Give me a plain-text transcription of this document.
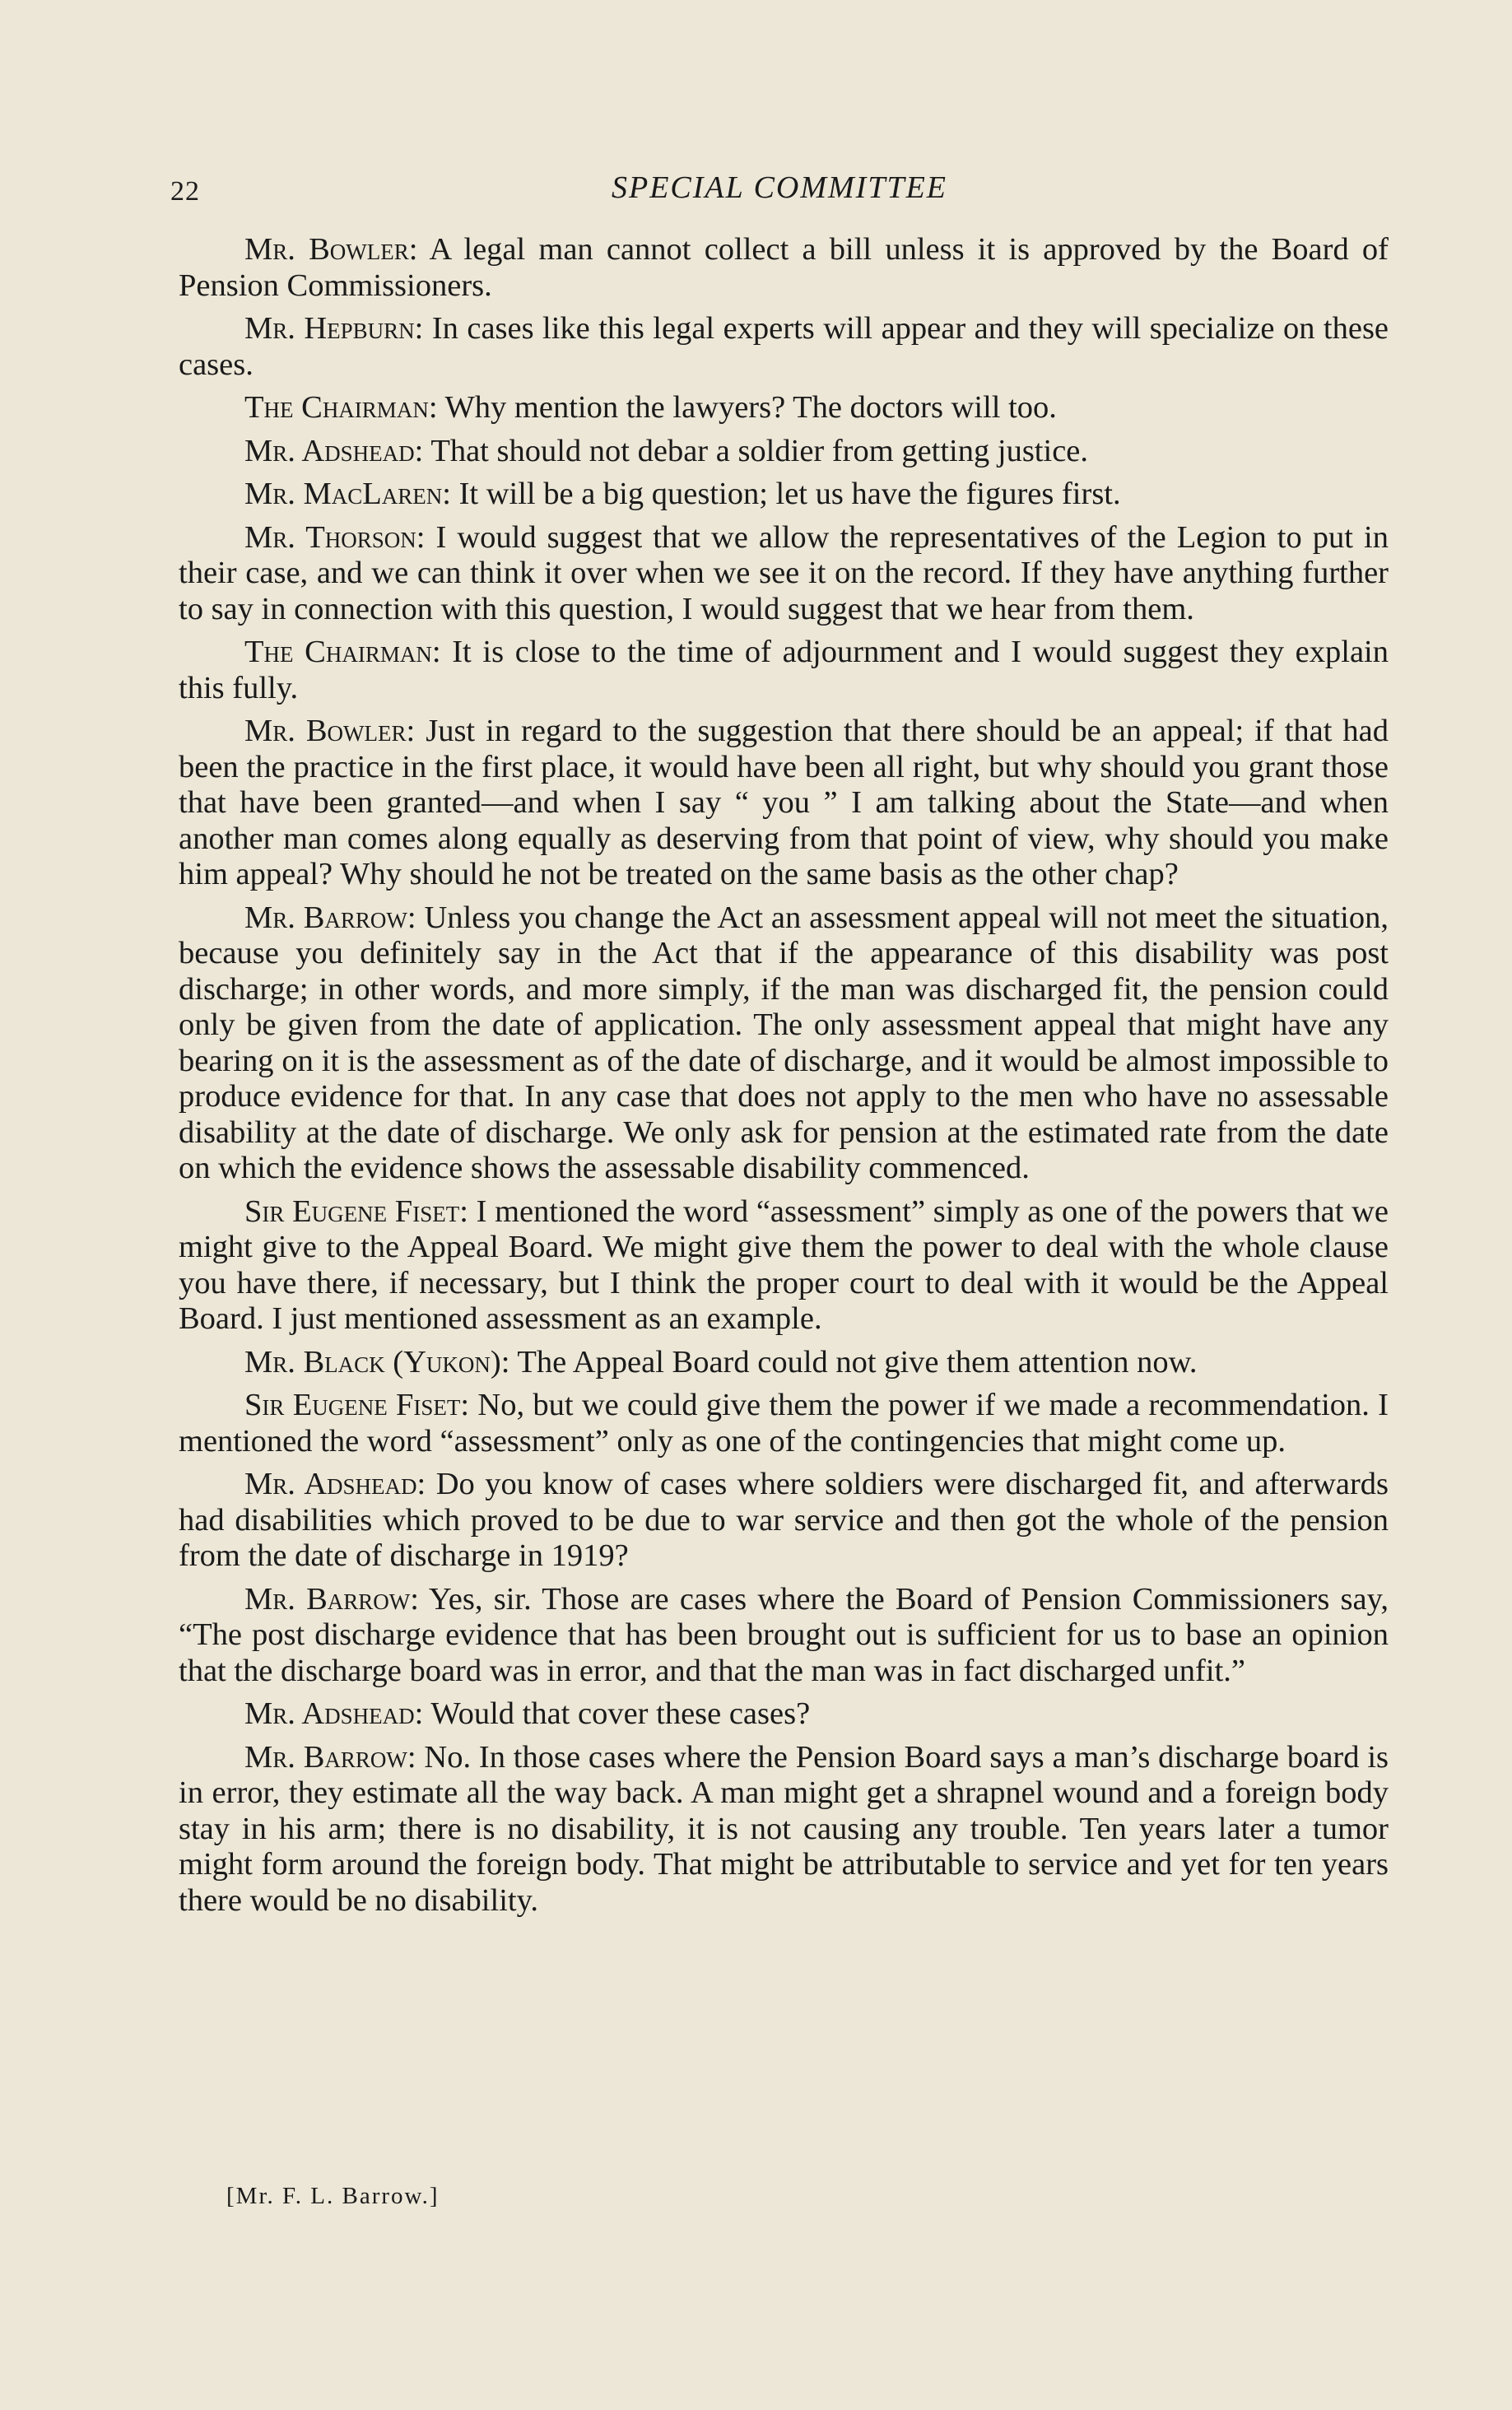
22	SPECIAL COMMITTEE

Mr. Bowler: A legal man cannot collect a bill unless it is approved by the Board of Pension Commissioners.

Mr. Hepburn: In cases like this legal experts will appear and they will specialize on these cases.

The Chairman: Why mention the lawyers? The doctors will too.

Mr. Adshead: That should not debar a soldier from getting justice.

Mr. MacLaren: It will be a big question; let us have the figures first.

Mr. Thorson: I would suggest that we allow the representatives of the Legion to put in their case, and we can think it over when we see it on the record. If they have anything further to say in connection with this question, I would suggest that we hear from them.

The Chairman: It is close to the time of adjournment and I would suggest they explain this fully.

Mr. Bowler: Just in regard to the suggestion that there should be an appeal; if that had been the practice in the first place, it would have been all right, but why should you grant those that have been granted—and when I say “ you ” I am talking about the State—and when another man comes along equally as deserving from that point of view, why should you make him appeal? Why should he not be treated on the same basis as the other chap?

Mr. Barrow: Unless you change the Act an assessment appeal will not meet the situation, because you definitely say in the Act that if the appearance of this disability was post discharge; in other words, and more simply, if the man was discharged fit, the pension could only be given from the date of application. The only assessment appeal that might have any bearing on it is the assessment as of the date of discharge, and it would be almost impossible to produce evidence for that. In any case that does not apply to the men who have no assessable disability at the date of discharge. We only ask for pension at the estimated rate from the date on which the evidence shows the assessable disability commenced.

Sir Eugene Fiset: I mentioned the word “assessment” simply as one of the powers that we might give to the Appeal Board. We might give them the power to deal with the whole clause you have there, if necessary, but I think the proper court to deal with it would be the Appeal Board. I just mentioned assessment as an example.

Mr. Black (Yukon): The Appeal Board could not give them attention now.

Sir Eugene Fiset: No, but we could give them the power if we made a recommendation. I mentioned the word “assessment” only as one of the contingencies that might come up.

Mr. Adshead: Do you know of cases where soldiers were discharged fit, and afterwards had disabilities which proved to be due to war service and then got the whole of the pension from the date of discharge in 1919?

Mr. Barrow: Yes, sir. Those are cases where the Board of Pension Commissioners say, “The post discharge evidence that has been brought out is sufficient for us to base an opinion that the discharge board was in error, and that the man was in fact discharged unfit.”

Mr. Adshead: Would that cover these cases?

Mr. Barrow: No. In those cases where the Pension Board says a man’s discharge board is in error, they estimate all the way back. A man might get a shrapnel wound and a foreign body stay in his arm; there is no disability, it is not causing any trouble. Ten years later a tumor might form around the foreign body. That might be attributable to service and yet for ten years there would be no disability.

[Mr. F. L. Barrow.]
